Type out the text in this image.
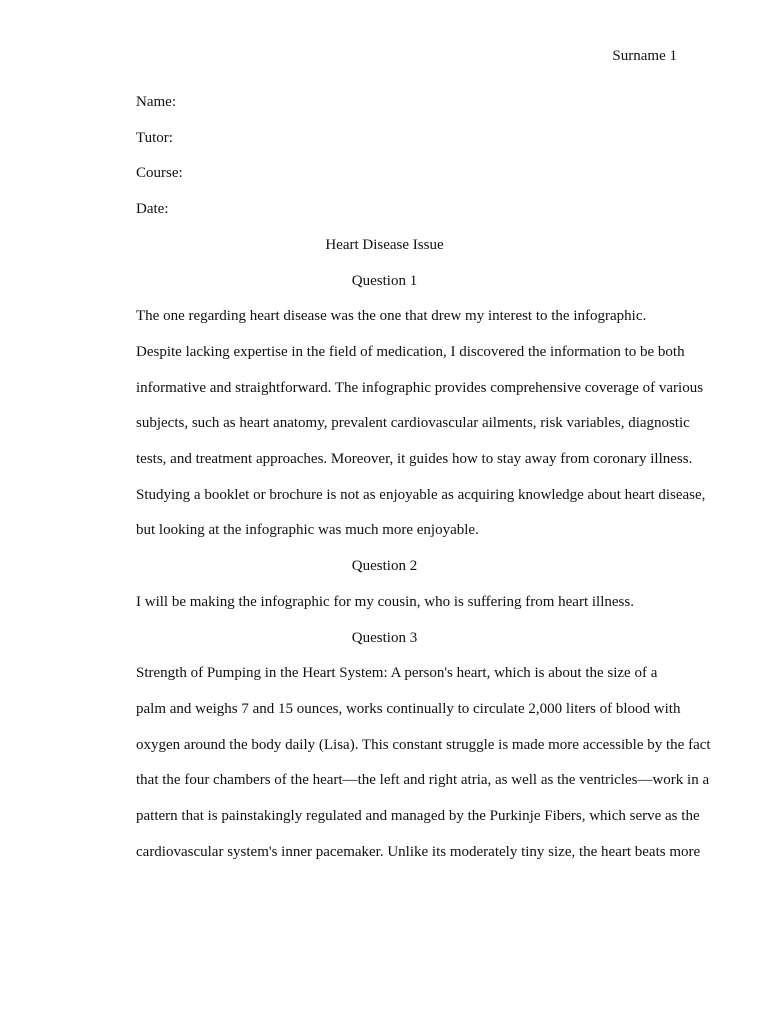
Surname 1

Name:

Tutor:

Course:

Date:

Heart Disease Issue

Question 1

The one regarding heart disease was the one that drew my interest to the infographic.
Despite lacking expertise in the field of medication, I discovered the information to be both
informative and straightforward. The infographic provides comprehensive coverage of various
subjects, such as heart anatomy, prevalent cardiovascular ailments, risk variables, diagnostic
tests, and treatment approaches. Moreover, it guides how to stay away from coronary illness.
Studying a booklet or brochure is not as enjoyable as acquiring knowledge about heart disease,
but looking at the infographic was much more enjoyable.

Question 2

I will be making the infographic for my cousin, who is suffering from heart illness.

Question 3

Strength of Pumping in the Heart System: A person's heart, which is about the size of a
palm and weighs 7 and 15 ounces, works continually to circulate 2,000 liters of blood with
oxygen around the body daily (Lisa). This constant struggle is made more accessible by the fact
that the four chambers of the heart—the left and right atria, as well as the ventricles—work in a
pattern that is painstakingly regulated and managed by the Purkinje Fibers, which serve as the
cardiovascular system's inner pacemaker. Unlike its moderately tiny size, the heart beats more
